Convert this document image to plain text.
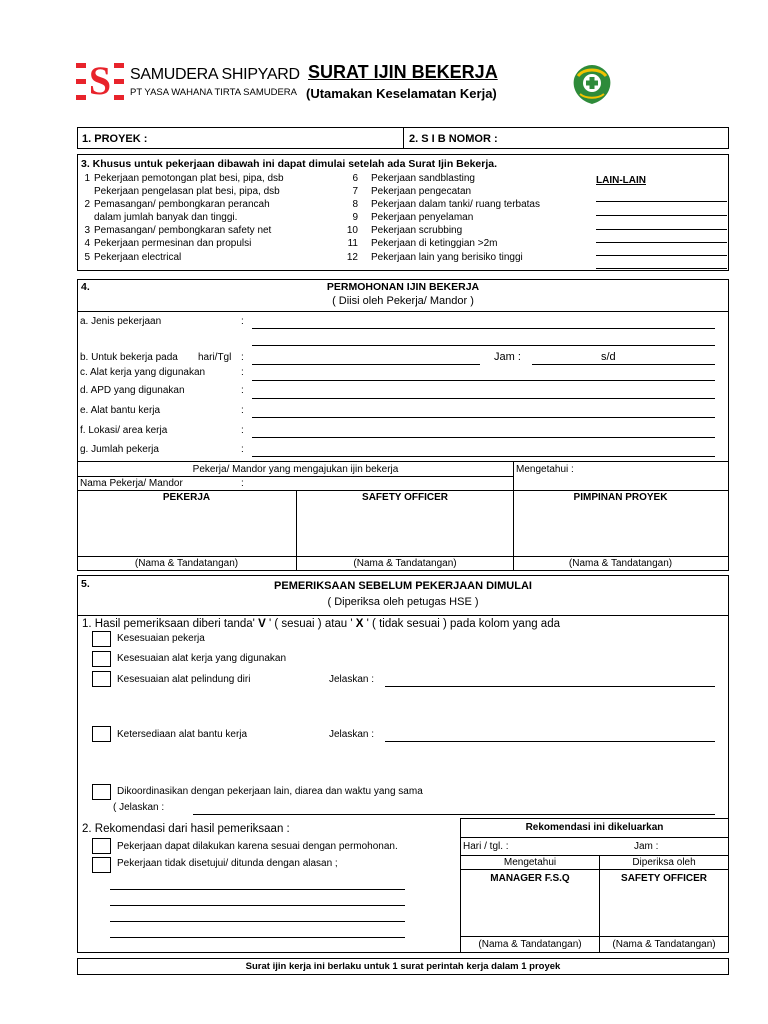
S SAMUDERA SHIPYARD
PT YASA WAHANA TIRTA SAMUDERA
SURAT IJIN BEKERJA
(Utamakan Keselamatan Kerja)
1. PROYEK :	2. S I B NOMOR :
3. Khusus untuk pekerjaan dibawah ini dapat dimulai setelah ada Surat Ijin Bekerja.
1 Pekerjaan pemotongan plat besi, pipa, dsb
Pekerjaan pengelasan plat besi, pipa, dsb
2 Pemasangan/ pembongkaran perancah
dalam jumlah banyak dan tinggi.
3 Pemasangan/ pembongkaran safety net
4 Pekerjaan permesinan dan propulsi
5 Pekerjaan electrical
6 Pekerjaan sandblasting
7 Pekerjaan pengecatan
8 Pekerjaan dalam tanki/ ruang terbatas
9 Pekerjaan penyelaman
10 Pekerjaan scrubbing
11 Pekerjaan di ketinggian >2m
12 Pekerjaan lain yang berisiko tinggi
LAIN-LAIN
4.	PERMOHONAN IJIN BEKERJA
( Diisi oleh Pekerja/ Mandor )
a. Jenis pekerjaan	:
b. Untuk bekerja pada hari/Tgl :	Jam :	s/d
c. Alat kerja yang digunakan	:
d. APD yang digunakan	:
e. Alat bantu kerja	:
f. Lokasi/ area kerja	:
g. Jumlah pekerja	:
Pekerja/ Mandor yang mengajukan ijin bekerja	Mengetahui :
Nama Pekerja/ Mandor	:
PEKERJA	SAFETY OFFICER	PIMPINAN PROYEK
(Nama & Tandatangan)	(Nama & Tandatangan)	(Nama & Tandatangan)
5.	PEMERIKSAAN SEBELUM PEKERJAAN DIMULAI
( Diperiksa oleh petugas HSE )
1. Hasil pemeriksaan diberi tanda' V ' ( sesuai ) atau ' X ' ( tidak sesuai ) pada kolom yang ada
Kesesuaian pekerja
Kesesuaian alat kerja yang digunakan
Kesesuaian alat pelindung diri	Jelaskan :
Ketersediaan alat bantu kerja	Jelaskan :
Dikoordinasikan dengan pekerjaan lain, diarea dan waktu yang sama
( Jelaskan :
2. Rekomendasi dari hasil pemeriksaan :
Pekerjaan dapat dilakukan karena sesuai dengan permohonan.
Pekerjaan tidak disetujui/ ditunda dengan alasan ;
Rekomendasi ini dikeluarkan
Hari / tgl. :	Jam :
Mengetahui	Diperiksa oleh
MANAGER F.S.Q	SAFETY OFFICER
(Nama & Tandatangan)	(Nama & Tandatangan)
Surat ijin kerja ini berlaku untuk 1 surat perintah kerja dalam 1 proyek
